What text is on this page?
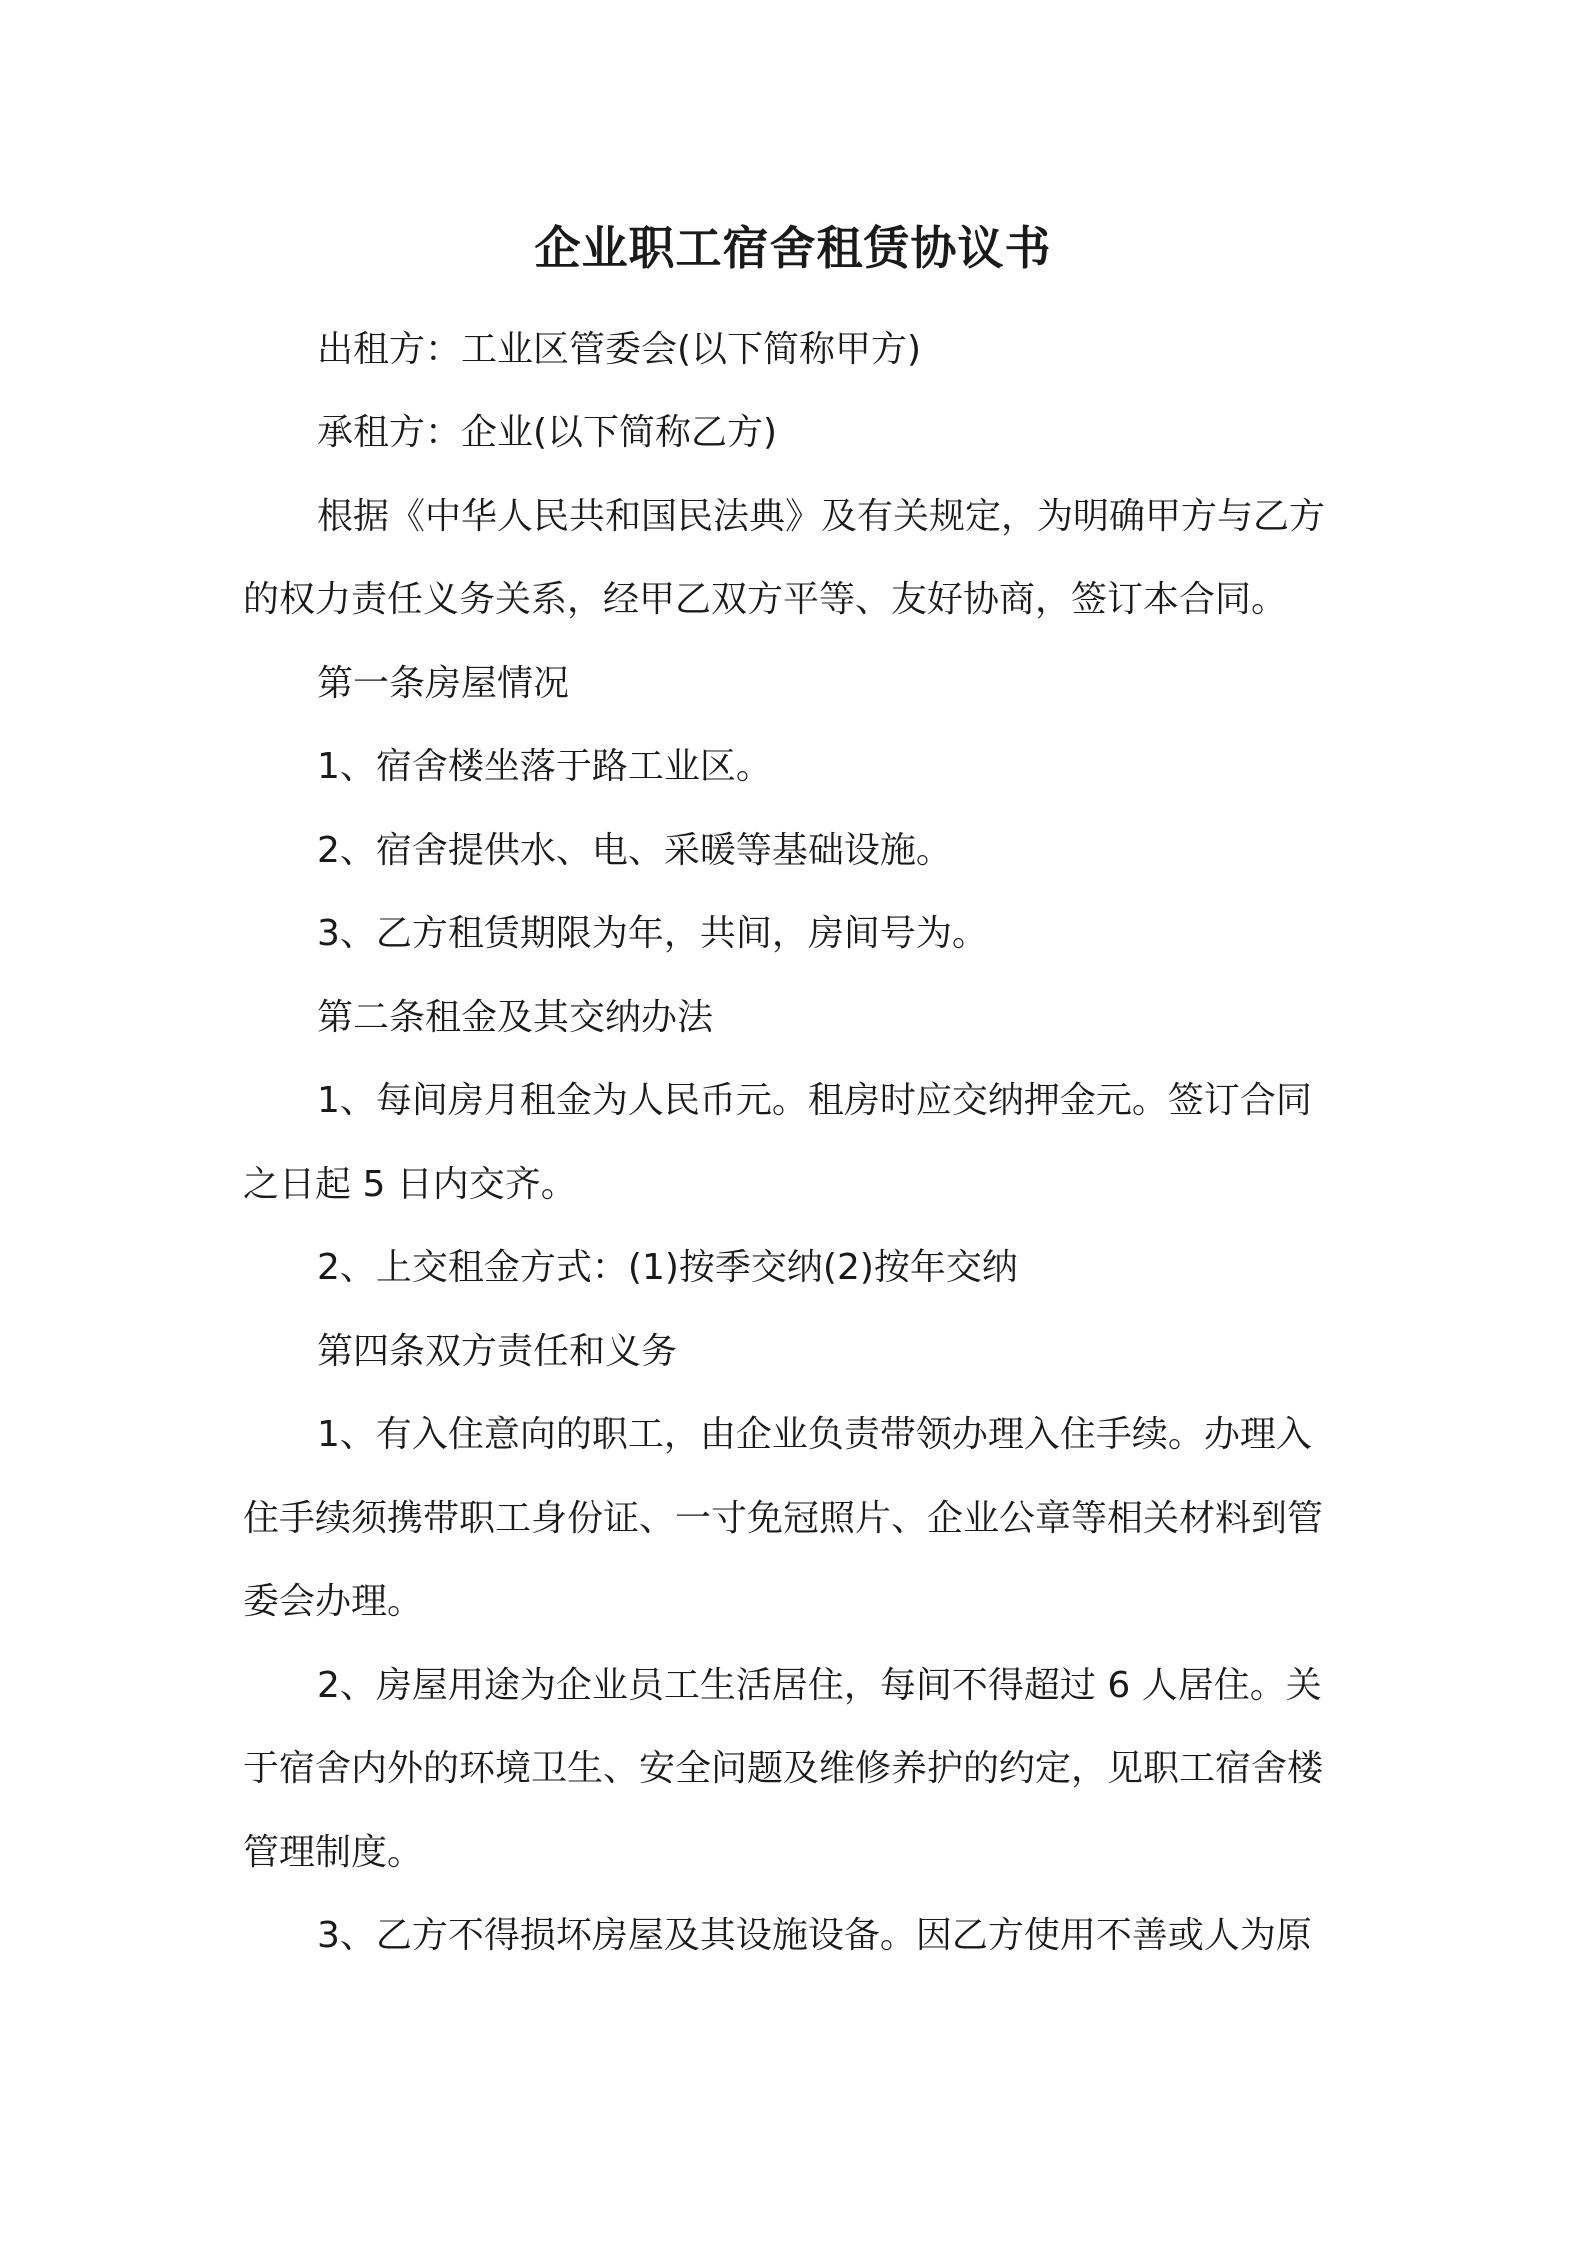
企业职工宿舍租赁协议书

出租方：工业区管委会(以下简称甲方)

承租方：企业(以下简称乙方)

根据《中华人民共和国民法典》及有关规定，为明确甲方与乙方

的权力责任义务关系，经甲乙双方平等、友好协商，签订本合同。

第一条房屋情况

1、宿舍楼坐落于路工业区。

2、宿舍提供水、电、采暖等基础设施。

3、乙方租赁期限为年，共间，房间号为。

第二条租金及其交纳办法

1、每间房月租金为人民币元。租房时应交纳押金元。签订合同

之日起 5 日内交齐。

2、上交租金方式：(1)按季交纳(2)按年交纳

第四条双方责任和义务

1、有入住意向的职工，由企业负责带领办理入住手续。办理入

住手续须携带职工身份证、一寸免冠照片、企业公章等相关材料到管

委会办理。

2、房屋用途为企业员工生活居住，每间不得超过 6 人居住。关

于宿舍内外的环境卫生、安全问题及维修养护的约定，见职工宿舍楼

管理制度。

3、乙方不得损坏房屋及其设施设备。因乙方使用不善或人为原
